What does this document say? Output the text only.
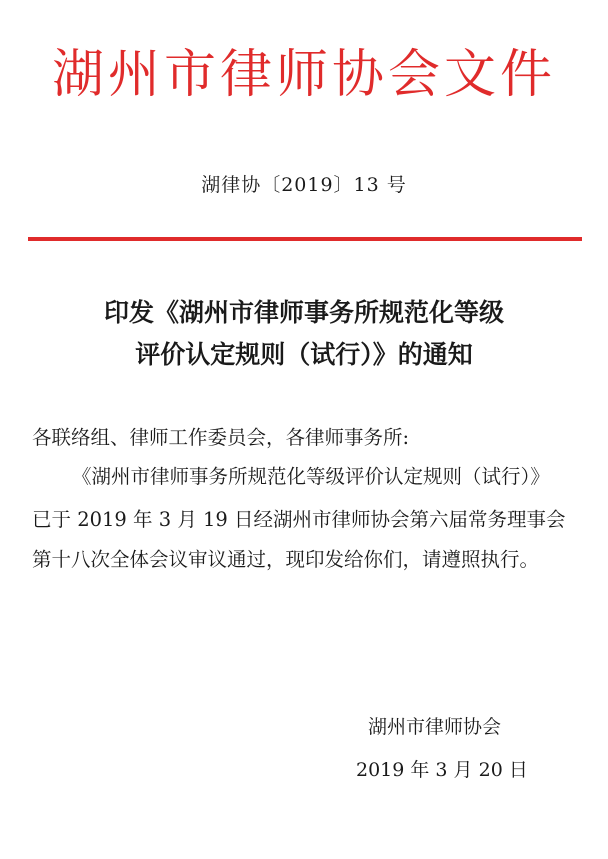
湖州市律师协会文件
湖律协〔2019〕13 号
印发《湖州市律师事务所规范化等级
评价认定规则（试行）》的通知
各联络组、律师工作委员会，各律师事务所:
《湖州市律师事务所规范化等级评价认定规则（试行）》
已于 2019 年 3 月 19 日经湖州市律师协会第六届常务理事会
第十八次全体会议审议通过，现印发给你们，请遵照执行。
湖州市律师协会
2019 年 3 月 20 日
